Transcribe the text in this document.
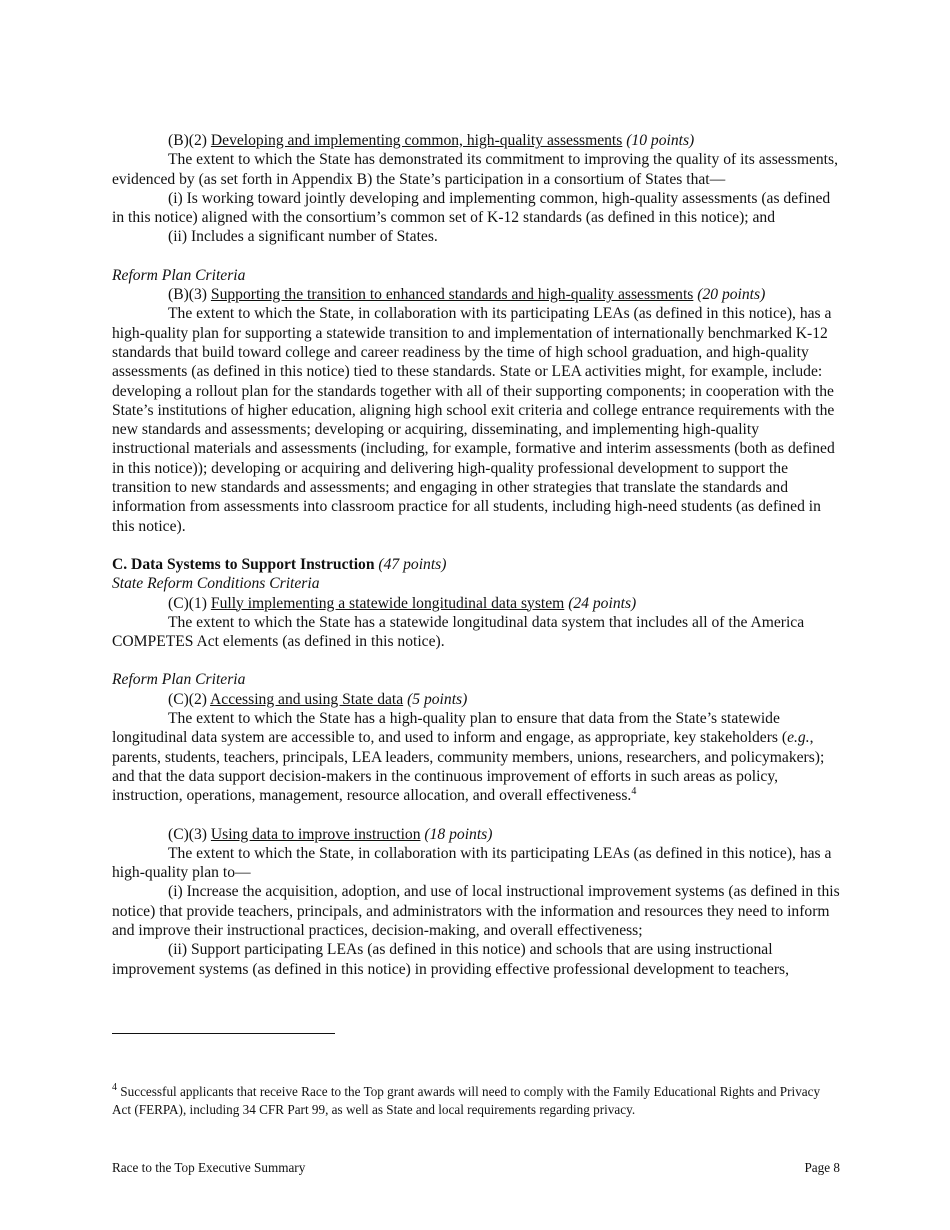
(B)(2) Developing and implementing common, high-quality assessments (10 points)

The extent to which the State has demonstrated its commitment to improving the quality of its assessments, evidenced by (as set forth in Appendix B) the State’s participation in a consortium of States that—

(i) Is working toward jointly developing and implementing common, high-quality assessments (as defined in this notice) aligned with the consortium’s common set of K-12 standards (as defined in this notice); and

(ii) Includes a significant number of States.

Reform Plan Criteria

(B)(3) Supporting the transition to enhanced standards and high-quality assessments (20 points)

The extent to which the State, in collaboration with its participating LEAs (as defined in this notice), has a high-quality plan for supporting a statewide transition to and implementation of internationally benchmarked K-12 standards that build toward college and career readiness by the time of high school graduation, and high-quality assessments (as defined in this notice) tied to these standards. State or LEA activities might, for example, include: developing a rollout plan for the standards together with all of their supporting components; in cooperation with the State’s institutions of higher education, aligning high school exit criteria and college entrance requirements with the new standards and assessments; developing or acquiring, disseminating, and implementing high-quality instructional materials and assessments (including, for example, formative and interim assessments (both as defined in this notice)); developing or acquiring and delivering high-quality professional development to support the transition to new standards and assessments; and engaging in other strategies that translate the standards and information from assessments into classroom practice for all students, including high-need students (as defined in this notice).

C. Data Systems to Support Instruction (47 points)

State Reform Conditions Criteria

(C)(1) Fully implementing a statewide longitudinal data system (24 points)

The extent to which the State has a statewide longitudinal data system that includes all of the America COMPETES Act elements (as defined in this notice).

Reform Plan Criteria

(C)(2) Accessing and using State data (5 points)

The extent to which the State has a high-quality plan to ensure that data from the State’s statewide longitudinal data system are accessible to, and used to inform and engage, as appropriate, key stakeholders (e.g., parents, students, teachers, principals, LEA leaders, community members, unions, researchers, and policymakers); and that the data support decision-makers in the continuous improvement of efforts in such areas as policy, instruction, operations, management, resource allocation, and overall effectiveness.$^4$

(C)(3) Using data to improve instruction (18 points)

The extent to which the State, in collaboration with its participating LEAs (as defined in this notice), has a high-quality plan to—

(i) Increase the acquisition, adoption, and use of local instructional improvement systems (as defined in this notice) that provide teachers, principals, and administrators with the information and resources they need to inform and improve their instructional practices, decision-making, and overall effectiveness;

(ii) Support participating LEAs (as defined in this notice) and schools that are using instructional improvement systems (as defined in this notice) in providing effective professional development to teachers,

$^4$ Successful applicants that receive Race to the Top grant awards will need to comply with the Family Educational Rights and Privacy Act (FERPA), including 34 CFR Part 99, as well as State and local requirements regarding privacy.

Race to the Top Executive Summary	Page 8
